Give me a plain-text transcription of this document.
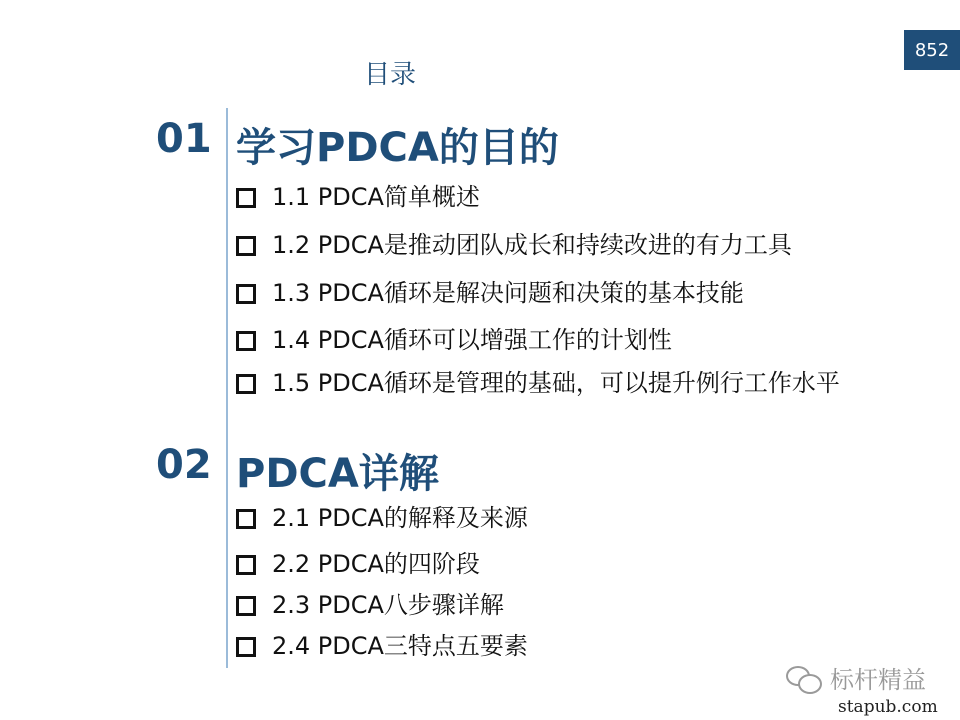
852
目录
01 学习PDCA的目的
1.1 PDCA简单概述
1.2 PDCA是推动团队成长和持续改进的有力工具
1.3 PDCA循环是解决问题和决策的基本技能
1.4 PDCA循环可以增强工作的计划性
1.5 PDCA循环是管理的基础，可以提升例行工作水平
02 PDCA详解
2.1 PDCA的解释及来源
2.2 PDCA的四阶段
2.3 PDCA八步骤详解
2.4 PDCA三特点五要素
标杆精益
stapub.com
